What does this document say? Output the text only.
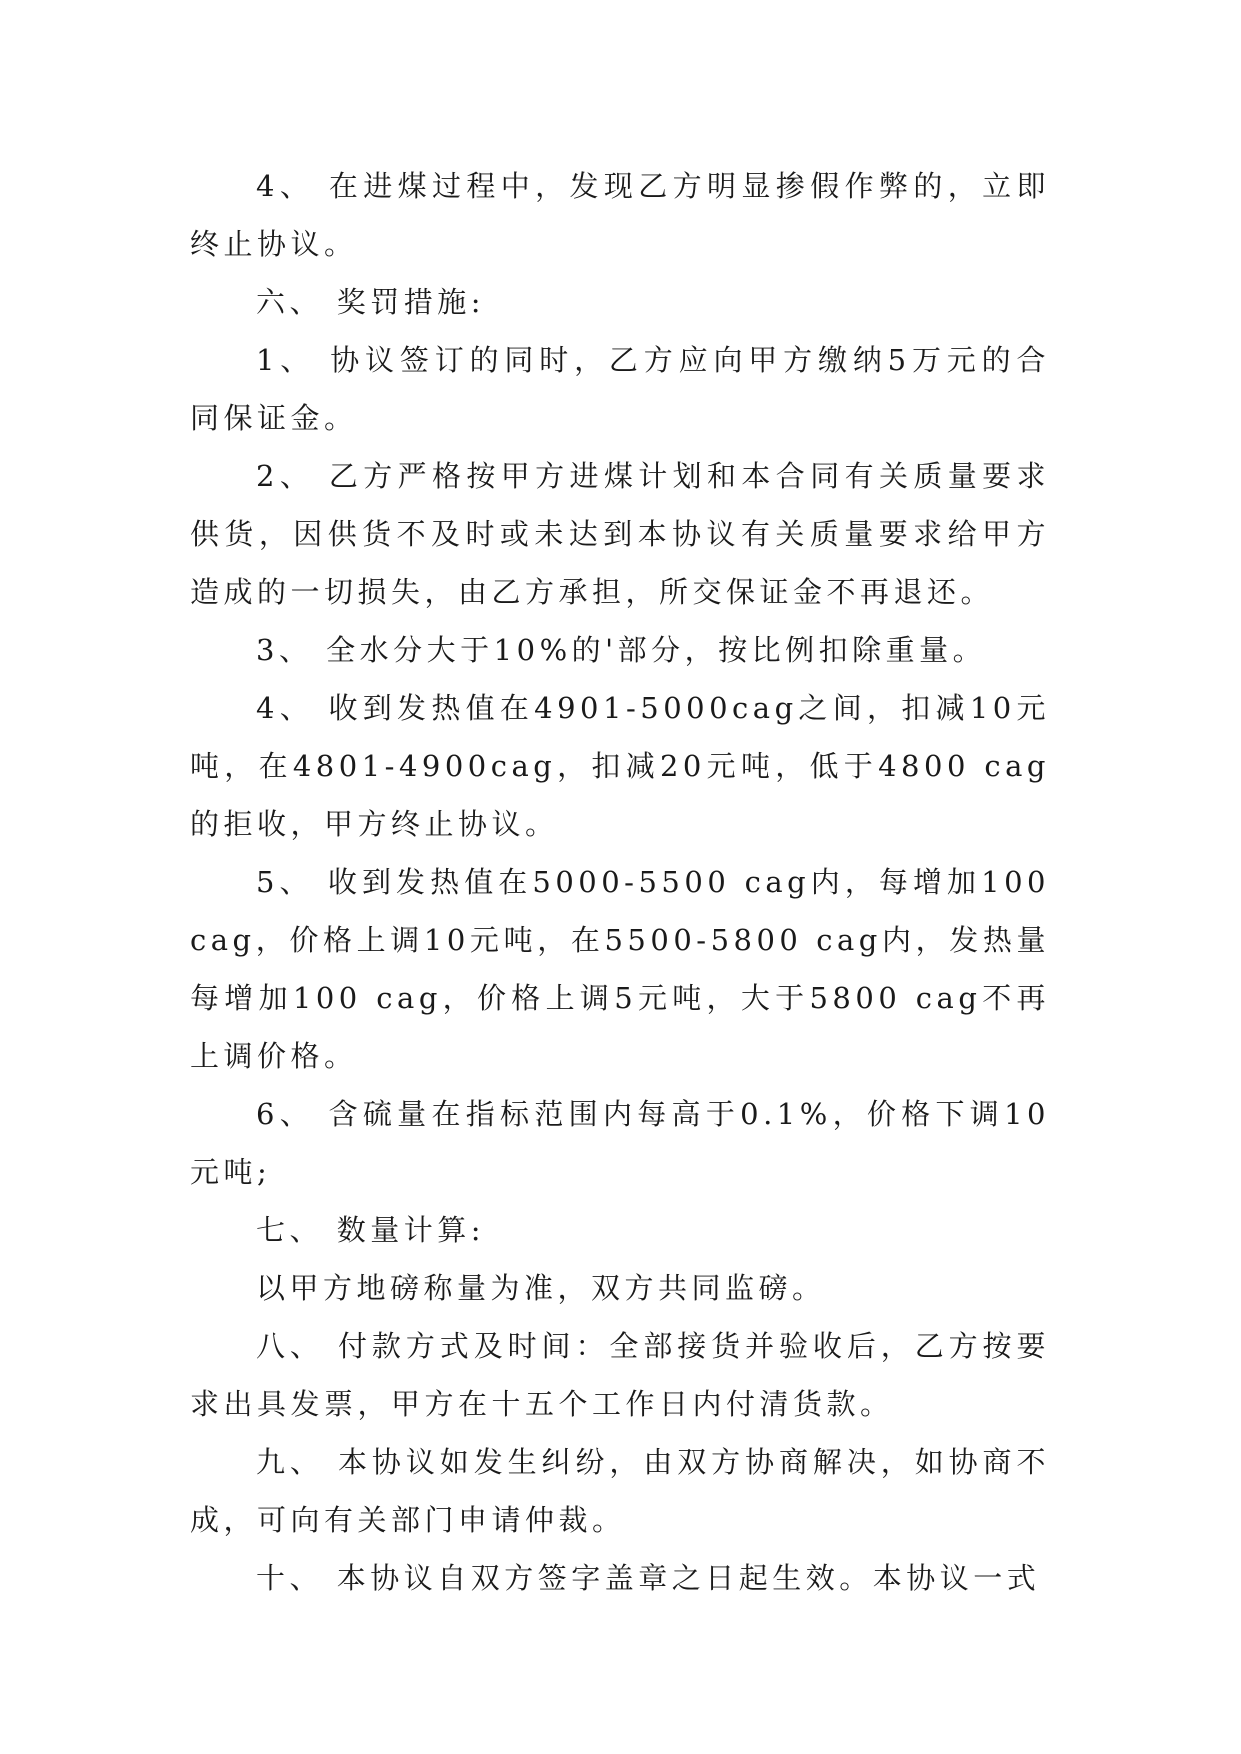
4、 在进煤过程中，发现乙方明显掺假作弊的，立即终止协议。

六、 奖罚措施:

1、 协议签订的同时，乙方应向甲方缴纳5万元的合同保证金。

2、 乙方严格按甲方进煤计划和本合同有关质量要求供货，因供货不及时或未达到本协议有关质量要求给甲方造成的一切损失，由乙方承担，所交保证金不再退还。

3、 全水分大于10%的'部分，按比例扣除重量。

4、 收到发热值在4901-5000cag之间，扣减10元吨，在4801-4900cag，扣减20元吨，低于4800 cag的拒收，甲方终止协议。

5、 收到发热值在5000-5500 cag内，每增加100 cag，价格上调10元吨，在5500-5800 cag内，发热量每增加100 cag，价格上调5元吨，大于5800 cag不再上调价格。

6、 含硫量在指标范围内每高于0.1%，价格下调10元吨;

七、 数量计算:

以甲方地磅称量为准，双方共同监磅。

八、 付款方式及时间：全部接货并验收后，乙方按要求出具发票，甲方在十五个工作日内付清货款。

九、 本协议如发生纠纷，由双方协商解决，如协商不成，可向有关部门申请仲裁。

十、 本协议自双方签字盖章之日起生效。本协议一式
